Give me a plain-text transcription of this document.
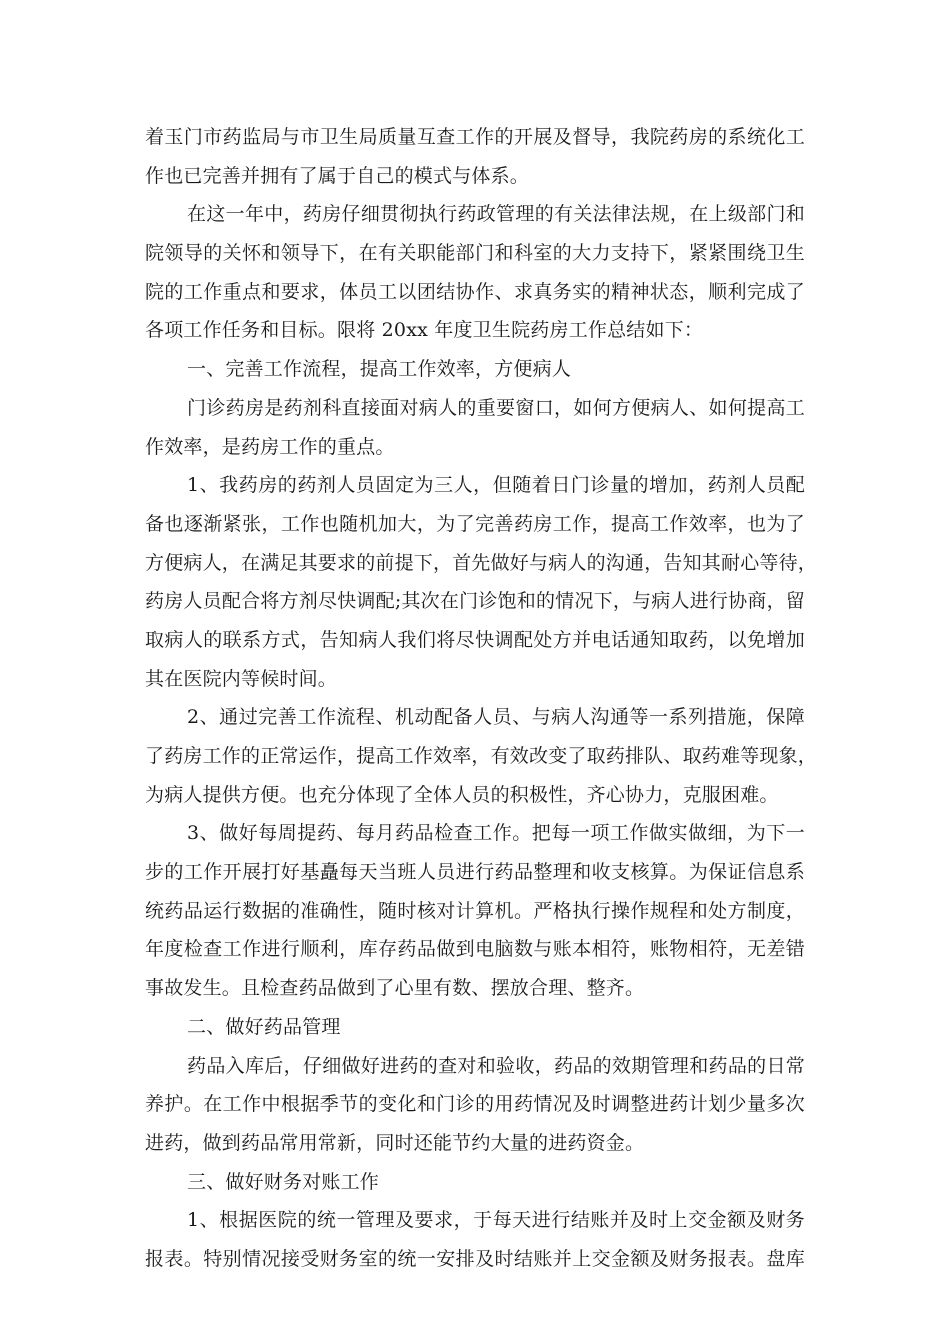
着玉门市药监局与市卫生局质量互查工作的开展及督导，我院药房的系统化工
作也已完善并拥有了属于自己的模式与体系。
在这一年中，药房仔细贯彻执行药政管理的有关法律法规，在上级部门和
院领导的关怀和领导下，在有关职能部门和科室的大力支持下，紧紧围绕卫生
院的工作重点和要求，体员工以团结协作、求真务实的精神状态，顺利完成了
各项工作任务和目标。限将 20xx 年度卫生院药房工作总结如下：
一、完善工作流程，提高工作效率，方便病人
门诊药房是药剂科直接面对病人的重要窗口，如何方便病人、如何提高工
作效率，是药房工作的重点。
1、我药房的药剂人员固定为三人，但随着日门诊量的增加，药剂人员配
备也逐渐紧张，工作也随机加大，为了完善药房工作，提高工作效率，也为了
方便病人，在满足其要求的前提下，首先做好与病人的沟通，告知其耐心等待，
药房人员配合将方剂尽快调配;其次在门诊饱和的情况下，与病人进行协商，留
取病人的联系方式，告知病人我们将尽快调配处方并电话通知取药，以免增加
其在医院内等候时间。
2、通过完善工作流程、机动配备人员、与病人沟通等一系列措施，保障
了药房工作的正常运作，提高工作效率，有效改变了取药排队、取药难等现象，
为病人提供方便。也充分体现了全体人员的积极性，齐心协力，克服困难。
3、做好每周提药、每月药品检查工作。把每一项工作做实做细，为下一
步的工作开展打好基矗每天当班人员进行药品整理和收支核算。为保证信息系
统药品运行数据的准确性，随时核对计算机。严格执行操作规程和处方制度，
年度检查工作进行顺利，库存药品做到电脑数与账本相符，账物相符，无差错
事故发生。且检查药品做到了心里有数、摆放合理、整齐。
二、做好药品管理
药品入库后，仔细做好进药的查对和验收，药品的效期管理和药品的日常
养护。在工作中根据季节的变化和门诊的用药情况及时调整进药计划少量多次
进药，做到药品常用常新，同时还能节约大量的进药资金。
三、做好财务对账工作
1、根据医院的统一管理及要求，于每天进行结账并及时上交金额及财务
报表。特别情况接受财务室的统一安排及时结账并上交金额及财务报表。盘库
